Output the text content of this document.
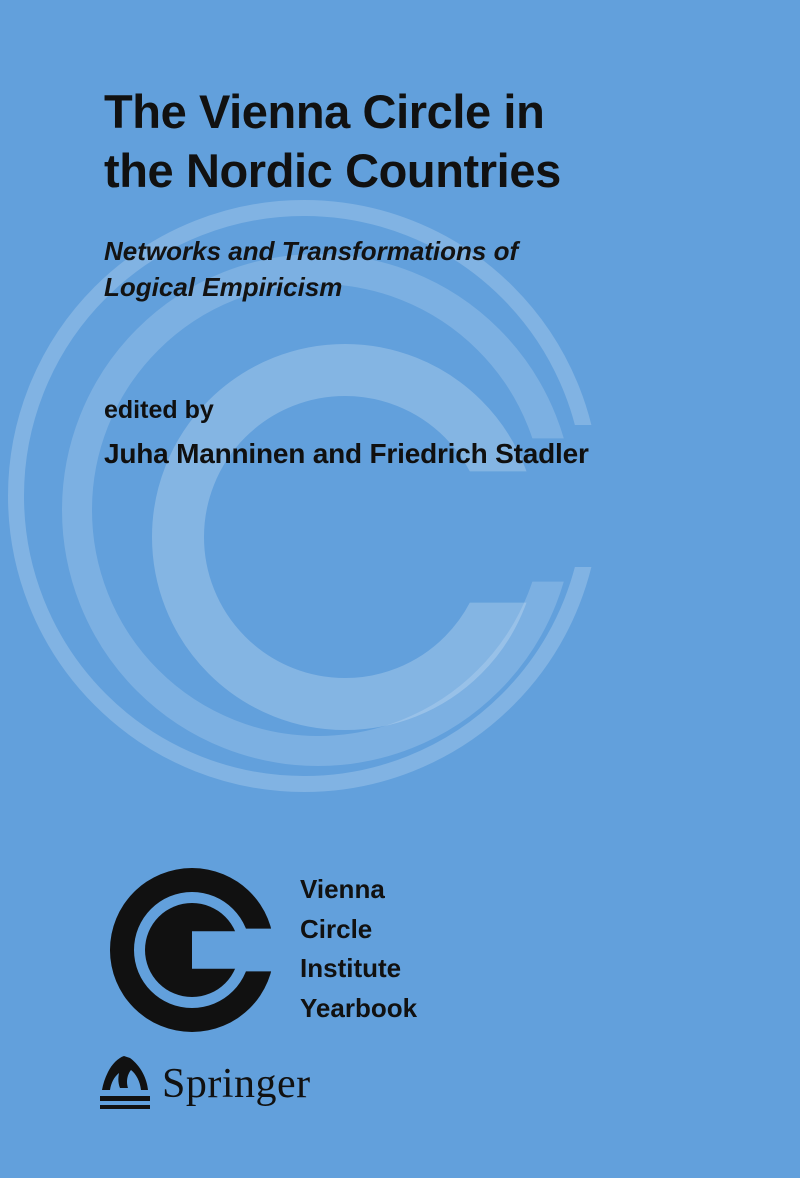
The Vienna Circle in
the Nordic Countries
Networks and Transformations of
Logical Empiricism
edited by
Juha Manninen and Friedrich Stadler
Vienna
Circle
Institute
Yearbook
Springer
